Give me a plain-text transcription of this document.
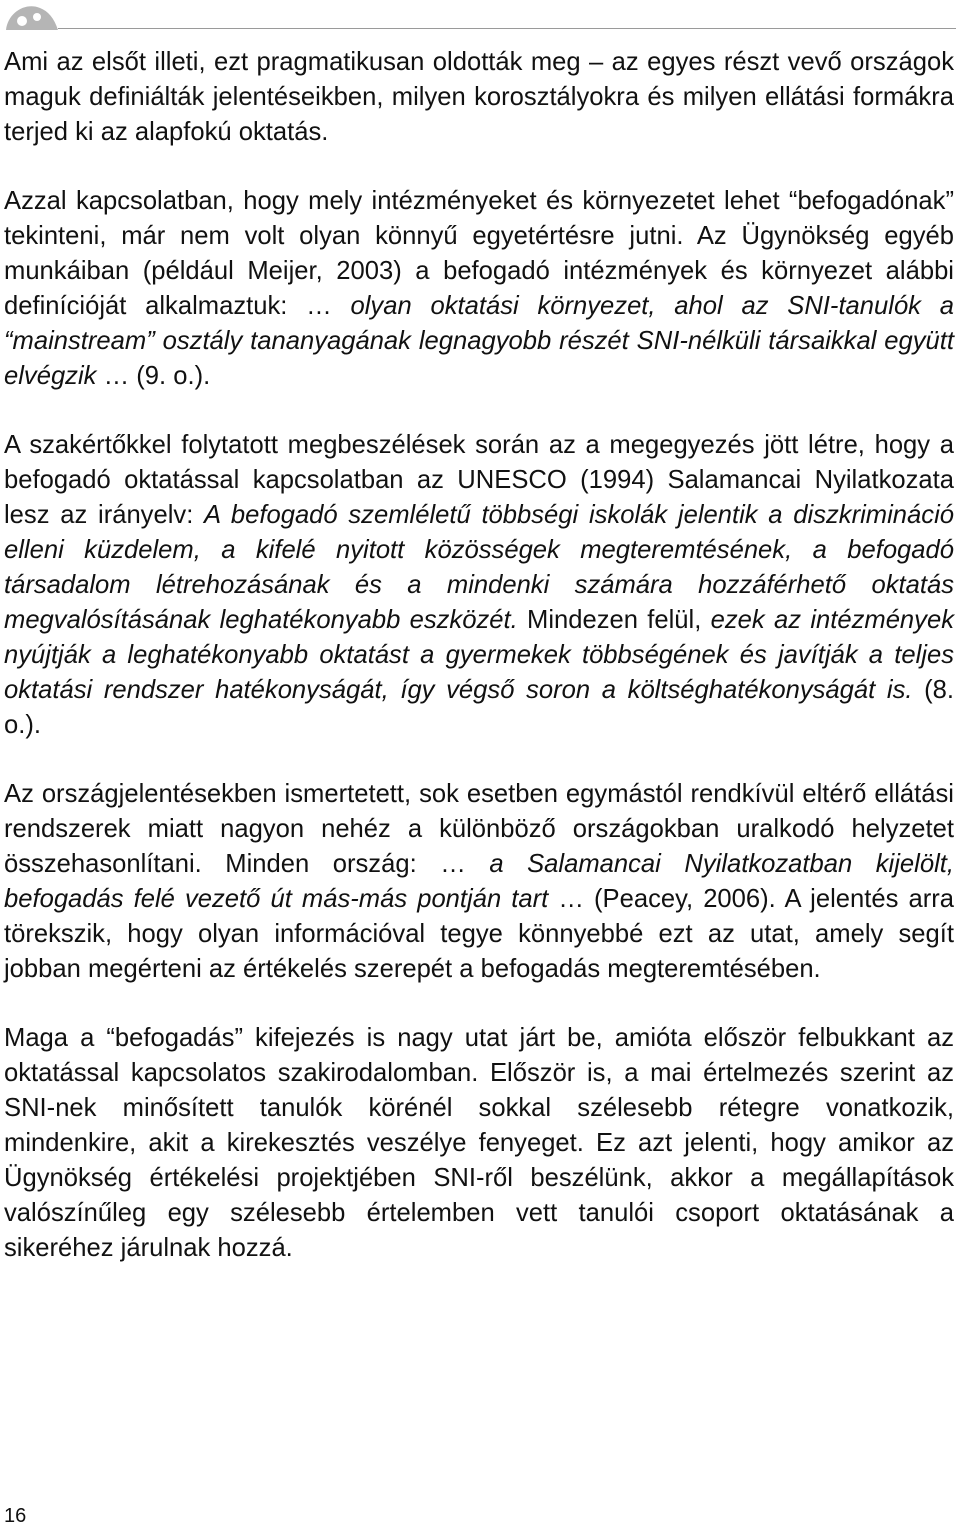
Ami az elsőt illeti, ezt pragmatikusan oldották meg – az egyes részt vevő országok maguk definiálták jelentéseikben, milyen korosztályokra és milyen ellátási formákra terjed ki az alapfokú oktatás.

Azzal kapcsolatban, hogy mely intézményeket és környezetet lehet “befogadónak” tekinteni, már nem volt olyan könnyű egyetértésre jutni. Az Ügynökség egyéb munkáiban (például Meijer, 2003) a befogadó intézmények és környezet alábbi definícióját alkalmaztuk: … olyan oktatási környezet, ahol az SNI-tanulók a “mainstream” osztály tananyagának legnagyobb részét SNI-nélküli társaikkal együtt elvégzik … (9. o.).

A szakértőkkel folytatott megbeszélések során az a megegyezés jött létre, hogy a befogadó oktatással kapcsolatban az UNESCO (1994) Salamancai Nyilatkozata lesz az irányelv: A befogadó szemléletű többségi iskolák jelentik a diszkrimináció elleni küzdelem, a kifelé nyitott közösségek megteremtésének, a befogadó társadalom létrehozásának és a mindenki számára hozzáférhető oktatás megvalósításának leghatékonyabb eszközét. Mindezen felül, ezek az intézmények nyújtják a leghatékonyabb oktatást a gyermekek többségének és javítják a teljes oktatási rendszer hatékonyságát, így végső soron a költséghatékonyságát is. (8. o.).

Az országjelentésekben ismertetett, sok esetben egymástól rendkívül eltérő ellátási rendszerek miatt nagyon nehéz a különböző országokban uralkodó helyzetet összehasonlítani. Minden ország: … a Salamancai Nyilatkozatban kijelölt, befogadás felé vezető út más-más pontján tart … (Peacey, 2006). A jelentés arra törekszik, hogy olyan információval tegye könnyebbé ezt az utat, amely segít jobban megérteni az értékelés szerepét a befogadás megteremtésében.

Maga a “befogadás” kifejezés is nagy utat járt be, amióta először felbukkant az oktatással kapcsolatos szakirodalomban. Először is, a mai értelmezés szerint az SNI-nek minősített tanulók körénél sokkal szélesebb rétegre vonatkozik, mindenkire, akit a kirekesztés veszélye fenyeget. Ez azt jelenti, hogy amikor az Ügynökség értékelési projektjében SNI-ről beszélünk, akkor a megállapítások valószínűleg egy szélesebb értelemben vett tanulói csoport oktatásának a sikeréhez járulnak hozzá.

16
